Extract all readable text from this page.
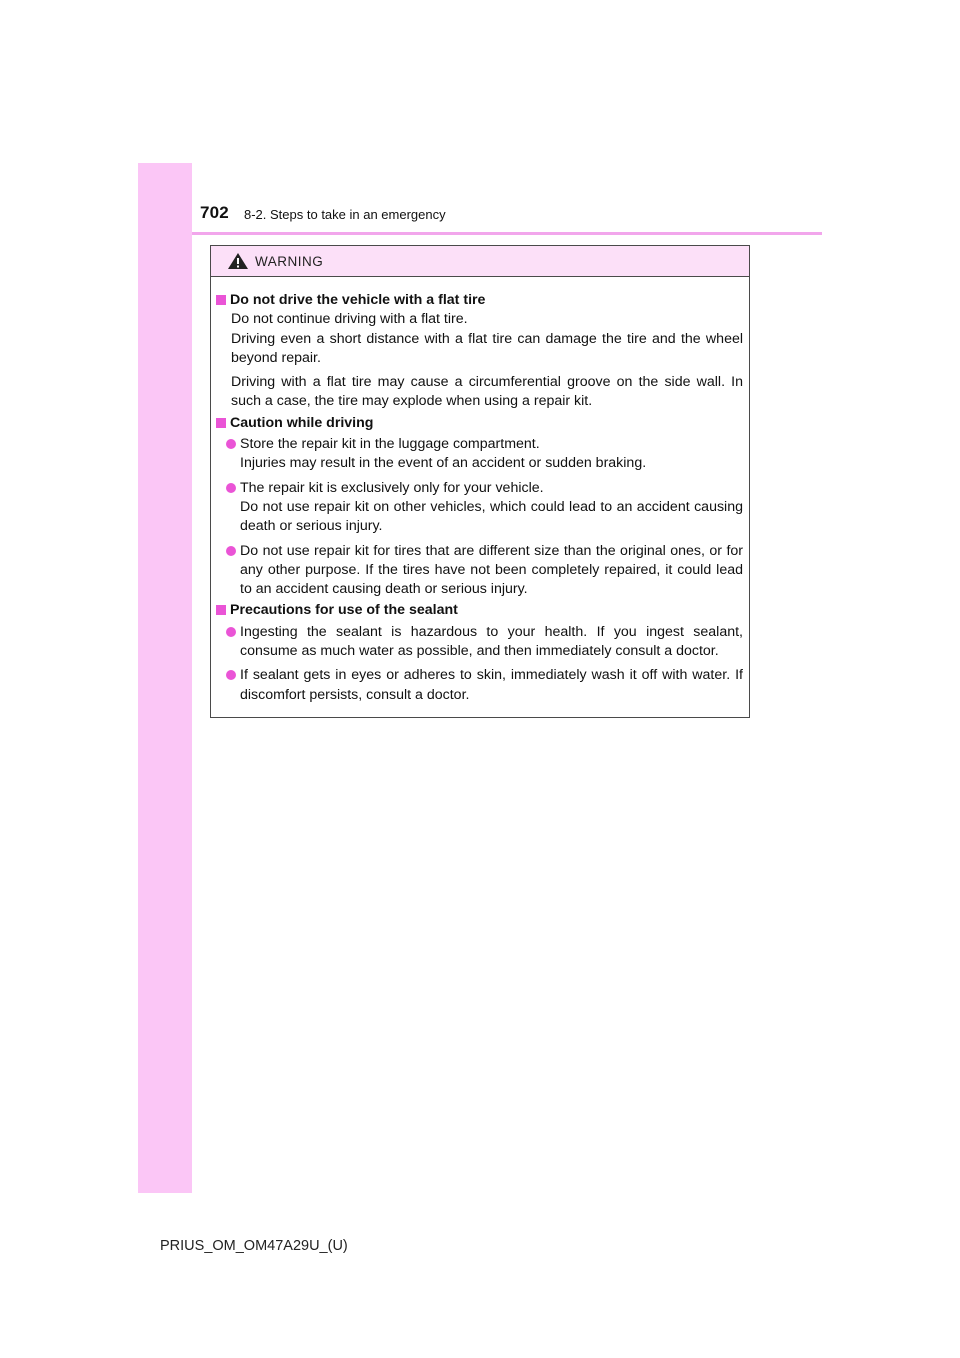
702 8-2. Steps to take in an emergency
WARNING
Do not drive the vehicle with a flat tire

Do not continue driving with a flat tire.
Driving even a short distance with a flat tire can damage the tire and the wheel beyond repair.

Driving with a flat tire may cause a circumferential groove on the side wall. In such a case, the tire may explode when using a repair kit.

Caution while driving
Store the repair kit in the luggage compartment.
Injuries may result in the event of an accident or sudden braking.
The repair kit is exclusively only for your vehicle.
Do not use repair kit on other vehicles, which could lead to an accident causing death or serious injury.
Do not use repair kit for tires that are different size than the original ones, or for any other purpose. If the tires have not been completely repaired, it could lead to an accident causing death or serious injury.
Precautions for use of the sealant
Ingesting the sealant is hazardous to your health. If you ingest sealant, consume as much water as possible, and then immediately consult a doctor.
If sealant gets in eyes or adheres to skin, immediately wash it off with water. If discomfort persists, consult a doctor.
PRIUS_OM_OM47A29U_(U)
